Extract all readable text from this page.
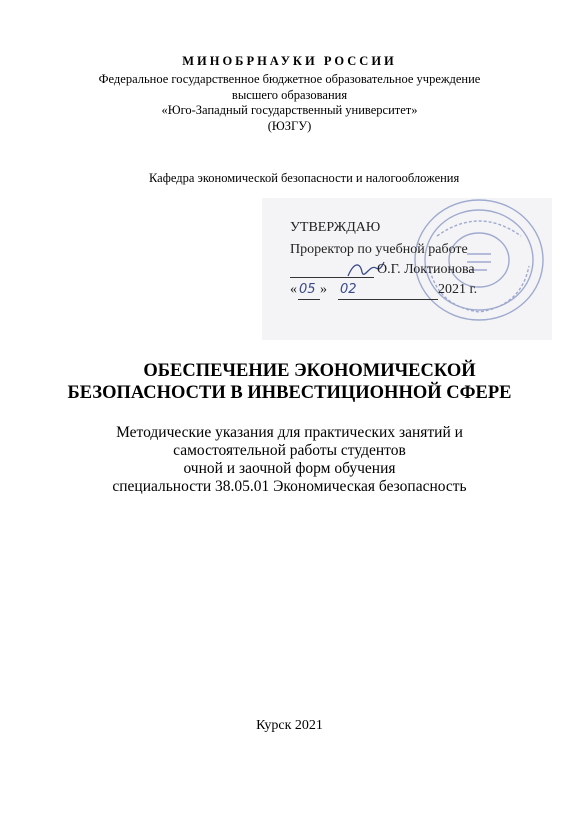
МИНОБРНАУКИ РОССИИ
Федеральное государственное бюджетное образовательное учреждение
высшего образования
«Юго-Западный государственный университет»
(ЮЗГУ)
Кафедра экономической безопасности и налогообложения
УТВЕРЖДАЮ
Проректор по учебной работе
О.Г. Локтионова
« 05 » 02	2021 г.
ОБЕСПЕЧЕНИЕ ЭКОНОМИЧЕСКОЙ
БЕЗОПАСНОСТИ В ИНВЕСТИЦИОННОЙ СФЕРЕ
Методические указания для практических занятий и
самостоятельной работы студентов
очной и заочной форм обучения
специальности 38.05.01 Экономическая безопасность
Курск 2021
